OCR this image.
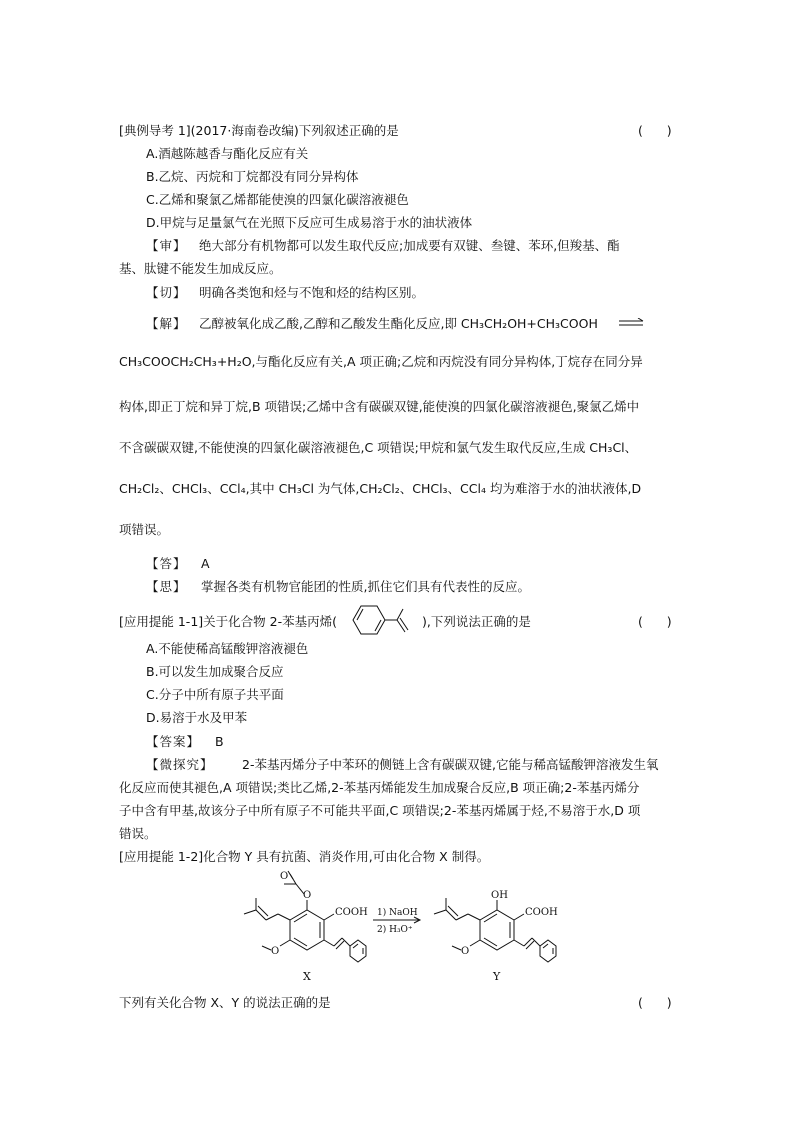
[典例导考 1](2017·海南卷改编)下列叙述正确的是	(      )
A.酒越陈越香与酯化反应有关
B.乙烷、丙烷和丁烷都没有同分异构体
C.乙烯和聚氯乙烯都能使溴的四氯化碳溶液褪色
D.甲烷与足量氯气在光照下反应可生成易溶于水的油状液体
【审】 绝大部分有机物都可以发生取代反应;加成要有双键、叁键、苯环,但羧基、酯
基、肽键不能发生加成反应。
【切】 明确各类饱和烃与不饱和烃的结构区别。
【解】 乙醇被氧化成乙酸,乙醇和乙酸发生酯化反应,即 CH₃CH₂OH+CH₃COOH
CH₃COOCH₂CH₃+H₂O,与酯化反应有关,A 项正确;乙烷和丙烷没有同分异构体,丁烷存在同分异
构体,即正丁烷和异丁烷,B 项错误;乙烯中含有碳碳双键,能使溴的四氯化碳溶液褪色,聚氯乙烯中
不含碳碳双键,不能使溴的四氯化碳溶液褪色,C 项错误;甲烷和氯气发生取代反应,生成 CH₃Cl、
CH₂Cl₂、CHCl₃、CCl₄,其中 CH₃Cl 为气体,CH₂Cl₂、CHCl₃、CCl₄ 均为难溶于水的油状液体,D
项错误。
【答】 A
【思】 掌握各类有机物官能团的性质,抓住它们具有代表性的反应。
[应用提能 1-1]关于化合物 2-苯基丙烯(	),下列说法正确的是	(      )
A.不能使稀高锰酸钾溶液褪色
B.可以发生加成聚合反应
C.分子中所有原子共平面
D.易溶于水及甲苯
【答案】 B
【微探究】 2-苯基丙烯分子中苯环的侧链上含有碳碳双键,它能与稀高锰酸钾溶液发生氧
化反应而使其褪色,A 项错误;类比乙烯,2-苯基丙烯能发生加成聚合反应,B 项正确;2-苯基丙烯分
子中含有甲基,故该分子中所有原子不可能共平面,C 项错误;2-苯基丙烯属于烃,不易溶于水,D 项
错误。
[应用提能 1-2]化合物 Y 具有抗菌、消炎作用,可由化合物 X 制得。
O
O
COOH
O
X
1) NaOH
2) H₃O⁺
OH
COOH
O
Y
下列有关化合物 X、Y 的说法正确的是	(      )
